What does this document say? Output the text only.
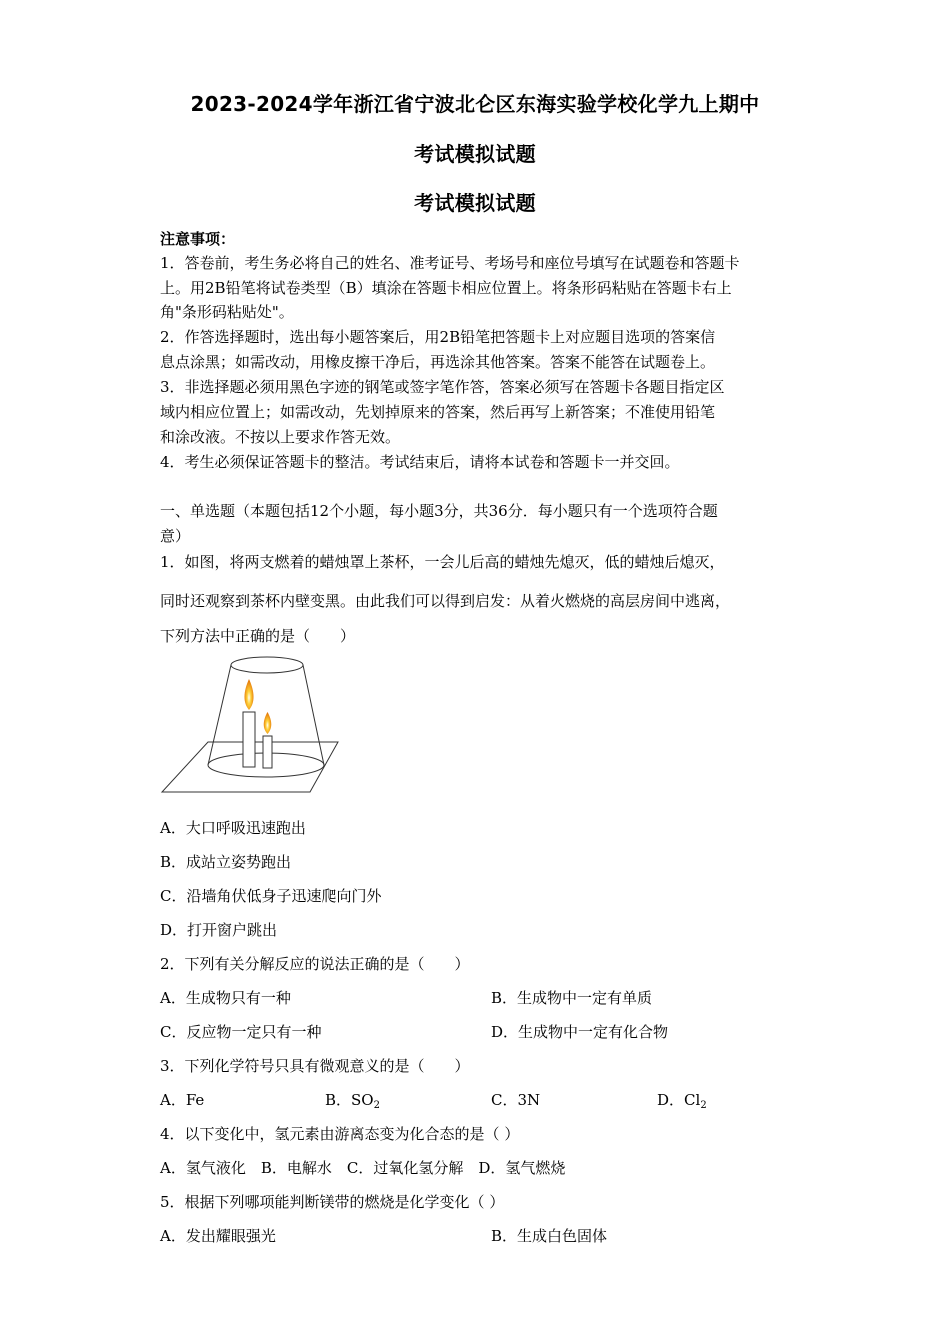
2023-2024学年浙江省宁波北仑区东海实验学校化学九上期中
考试模拟试题
考试模拟试题
注意事项：
1．答卷前，考生务必将自己的姓名、准考证号、考场号和座位号填写在试题卷和答题卡
上。用2B铅笔将试卷类型（B）填涂在答题卡相应位置上。将条形码粘贴在答题卡右上
角"条形码粘贴处"。
2．作答选择题时，选出每小题答案后，用2B铅笔把答题卡上对应题目选项的答案信
息点涂黑；如需改动，用橡皮擦干净后，再选涂其他答案。答案不能答在试题卷上。
3．非选择题必须用黑色字迹的钢笔或签字笔作答，答案必须写在答题卡各题目指定区
域内相应位置上；如需改动，先划掉原来的答案，然后再写上新答案；不准使用铅笔
和涂改液。不按以上要求作答无效。
4．考生必须保证答题卡的整洁。考试结束后，请将本试卷和答题卡一并交回。
一、单选题（本题包括12个小题，每小题3分，共36分．每小题只有一个选项符合题
意）
1．如图，将两支燃着的蜡烛罩上茶杯，一会儿后高的蜡烛先熄灭，低的蜡烛后熄灭，
同时还观察到茶杯内壁变黑。由此我们可以得到启发：从着火燃烧的高层房间中逃离，
下列方法中正确的是（　　）
A．大口呼吸迅速跑出
B．成站立姿势跑出
C．沿墙角伏低身子迅速爬向门外
D．打开窗户跳出
2．下列有关分解反应的说法正确的是（　　）
A．生成物只有一种	B．生成物中一定有单质
C．反应物一定只有一种	D．生成物中一定有化合物
3．下列化学符号只具有微观意义的是（　　）
A．Fe	B．$SO_2$	C．3N	D．$Cl_2$
4．以下变化中，氢元素由游离态变为化合态的是（ ）
A．氢气液化　B．电解水　C．过氧化氢分解　D．氢气燃烧
5．根据下列哪项能判断镁带的燃烧是化学变化（ ）
A．发出耀眼强光	B．生成白色固体
